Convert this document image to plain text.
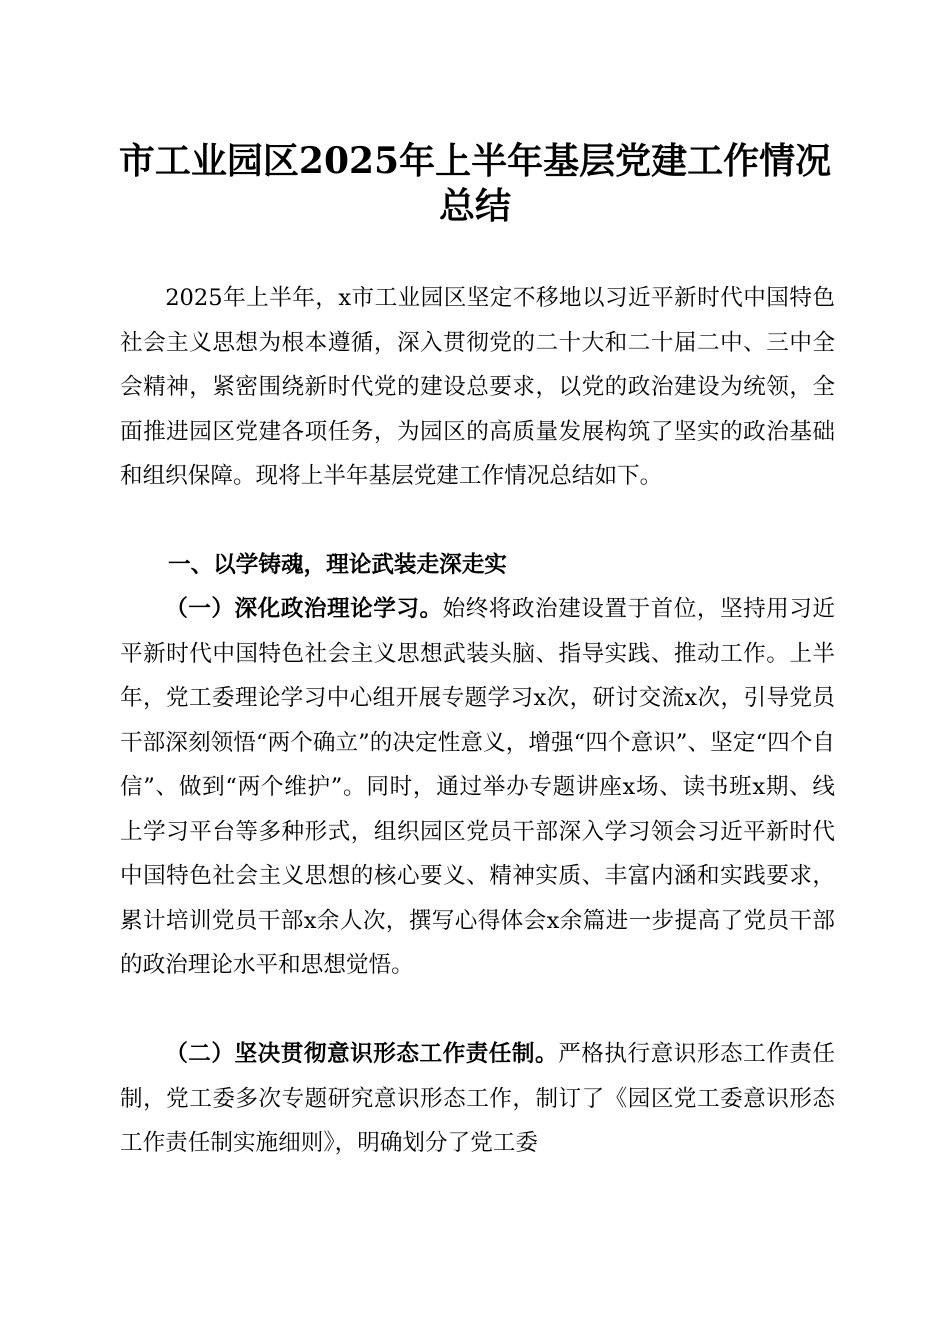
市工业园区2025年上半年基层党建工作情况
总结

2025年上半年，x市工业园区坚定不移地以习近平新时代中国特色社会主义思想为根本遵循，深入贯彻党的二十大和二十届二中、三中全会精神，紧密围绕新时代党的建设总要求，以党的政治建设为统领，全面推进园区党建各项任务，为园区的高质量发展构筑了坚实的政治基础和组织保障。现将上半年基层党建工作情况总结如下。

一、以学铸魂，理论武装走深走实

（一）深化政治理论学习。始终将政治建设置于首位，坚持用习近平新时代中国特色社会主义思想武装头脑、指导实践、推动工作。上半年，党工委理论学习中心组开展专题学习x次，研讨交流x次，引导党员干部深刻领悟“两个确立”的决定性意义，增强“四个意识”、坚定“四个自信”、做到“两个维护”。同时，通过举办专题讲座x场、读书班x期、线上学习平台等多种形式，组织园区党员干部深入学习领会习近平新时代中国特色社会主义思想的核心要义、精神实质、丰富内涵和实践要求，累计培训党员干部x余人次，撰写心得体会x余篇进一步提高了党员干部的政治理论水平和思想觉悟。

（二）坚决贯彻意识形态工作责任制。严格执行意识形态工作责任制，党工委多次专题研究意识形态工作，制订了《园区党工委意识形态工作责任制实施细则》，明确划分了党工委
